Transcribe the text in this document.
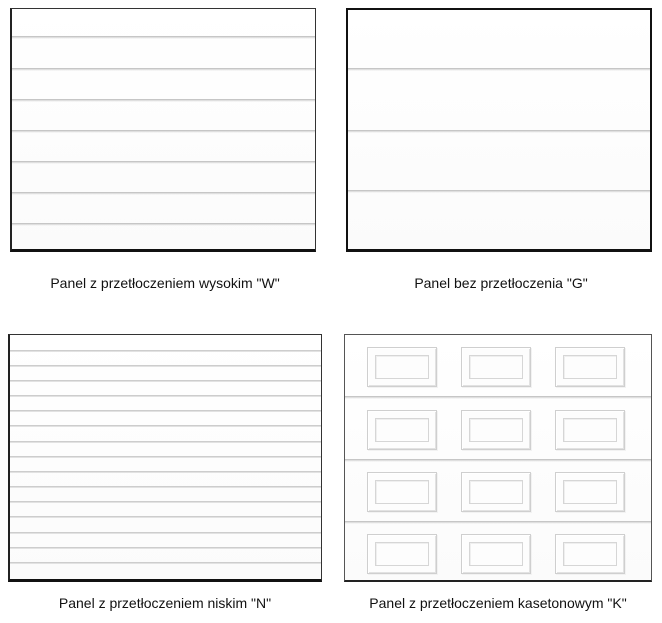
Panel z przetłoczeniem wysokim "W"	Panel bez przetłoczenia "G"
Panel z przetłoczeniem niskim "N"	Panel z przetłoczeniem kasetonowym "K"
